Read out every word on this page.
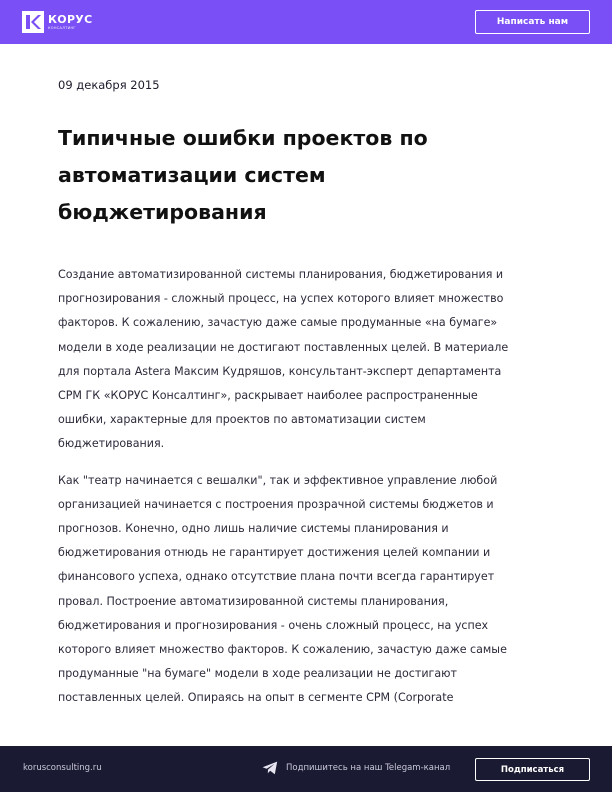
КОРУС
КОНСАЛТИНГ
Написать нам
09 декабря 2015
Типичные ошибки проектов по
автоматизации систем
бюджетирования

Создание автоматизированной системы планирования, бюджетирования и
прогнозирования - сложный процесс, на успех которого влияет множество
факторов. К сожалению, зачастую даже самые продуманные «на бумаге»
модели в ходе реализации не достигают поставленных целей. В материале
для портала Astera Максим Кудряшов, консультант-эксперт департамента
CPM ГК «КОРУС Консалтинг», раскрывает наиболее распространенные
ошибки, характерные для проектов по автоматизации систем
бюджетирования.

Как "театр начинается с вешалки", так и эффективное управление любой
организацией начинается с построения прозрачной системы бюджетов и
прогнозов. Конечно, одно лишь наличие системы планирования и
бюджетирования отнюдь не гарантирует достижения целей компании и
финансового успеха, однако отсутствие плана почти всегда гарантирует
провал. Построение автоматизированной системы планирования,
бюджетирования и прогнозирования - очень сложный процесс, на успех
которого влияет множество факторов. К сожалению, зачастую даже самые
продуманные "на бумаге" модели в ходе реализации не достигают
поставленных целей. Опираясь на опыт в сегменте CPM (Corporate

korusconsulting.ru	Подпишитесь на наш Telegam-канал	Подписаться
